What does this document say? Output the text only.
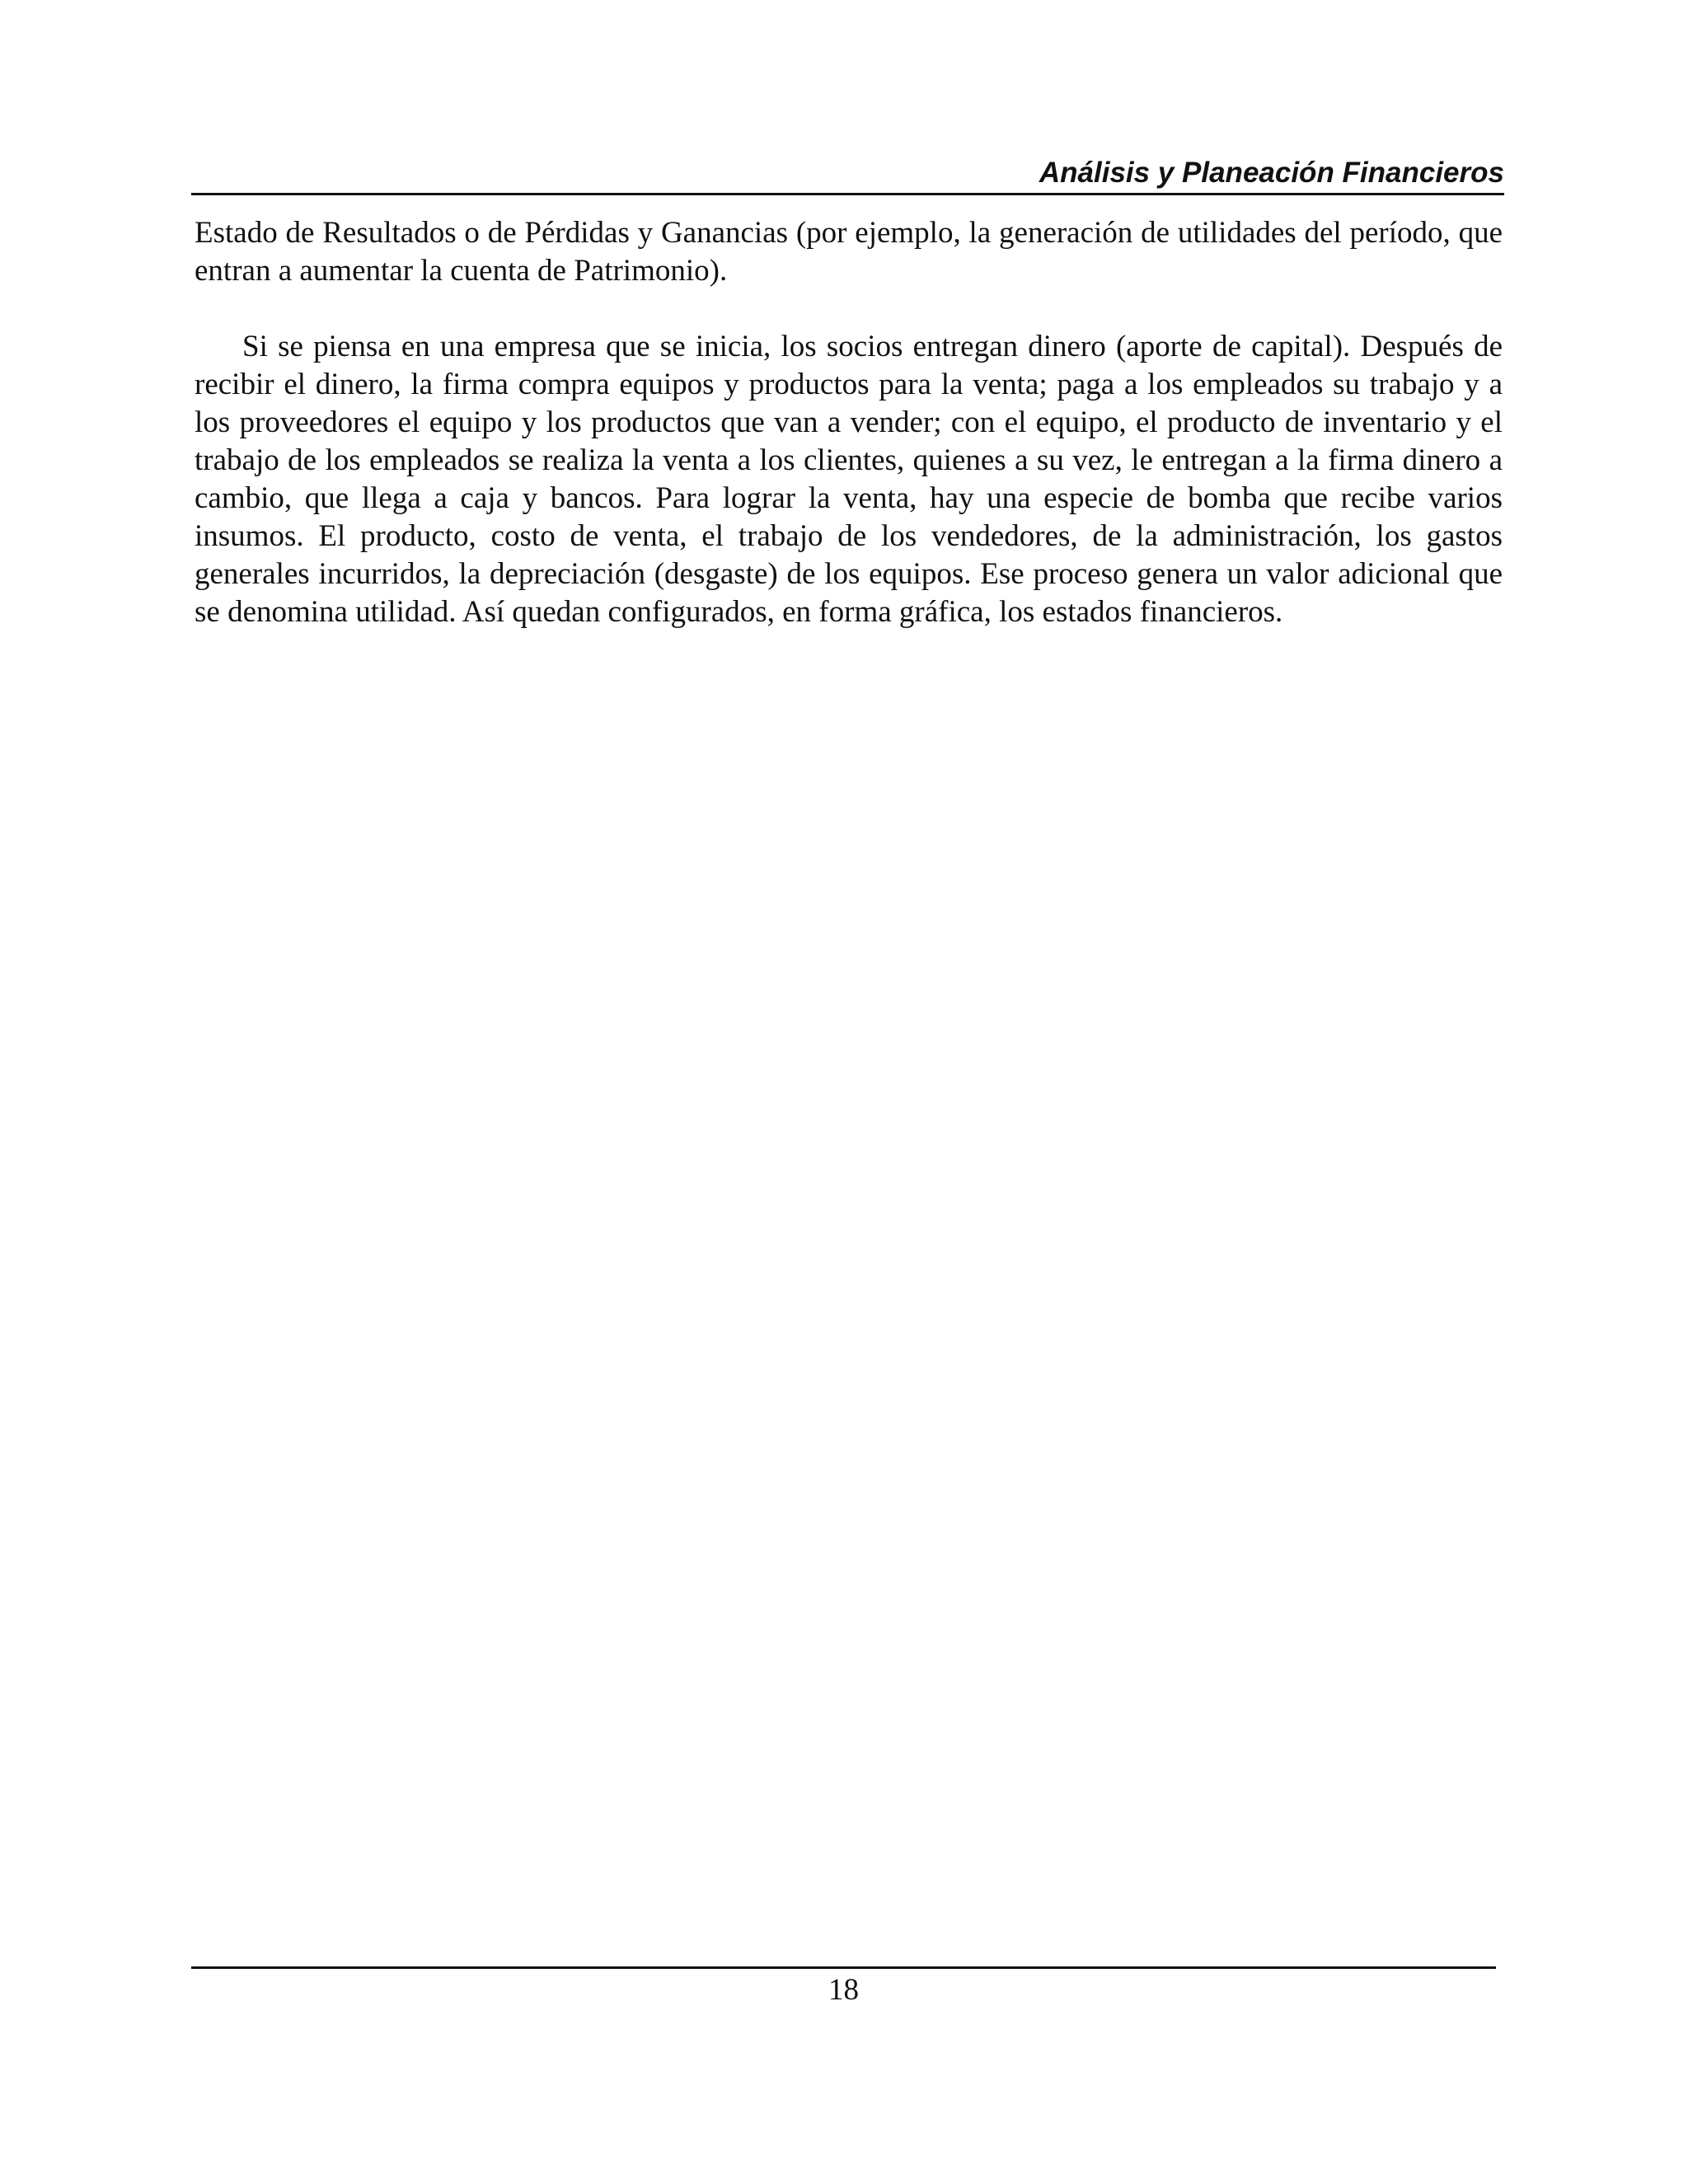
Análisis y Planeación Financieros

Estado de Resultados o de Pérdidas y Ganancias (por ejemplo, la generación de utilidades del período, que entran a aumentar la cuenta de Patrimonio).

Si se piensa en una empresa que se inicia, los socios entregan dinero (aporte de capital). Después de recibir el dinero, la firma compra equipos y productos para la venta; paga a los empleados su trabajo y a los proveedores el equipo y los productos que van a vender; con el equipo, el producto de inventario y el trabajo de los empleados se realiza la venta a los clientes, quienes a su vez, le entregan a la firma dinero a cambio, que llega a caja y bancos. Para lograr la venta, hay una especie de bomba que recibe varios insumos. El producto, costo de venta, el trabajo de los vendedores, de la administración, los gastos generales incurridos, la depreciación (desgaste) de los equipos. Ese proceso genera un valor adicional que se denomina utilidad. Así quedan configurados, en forma gráfica, los estados financieros.

18
